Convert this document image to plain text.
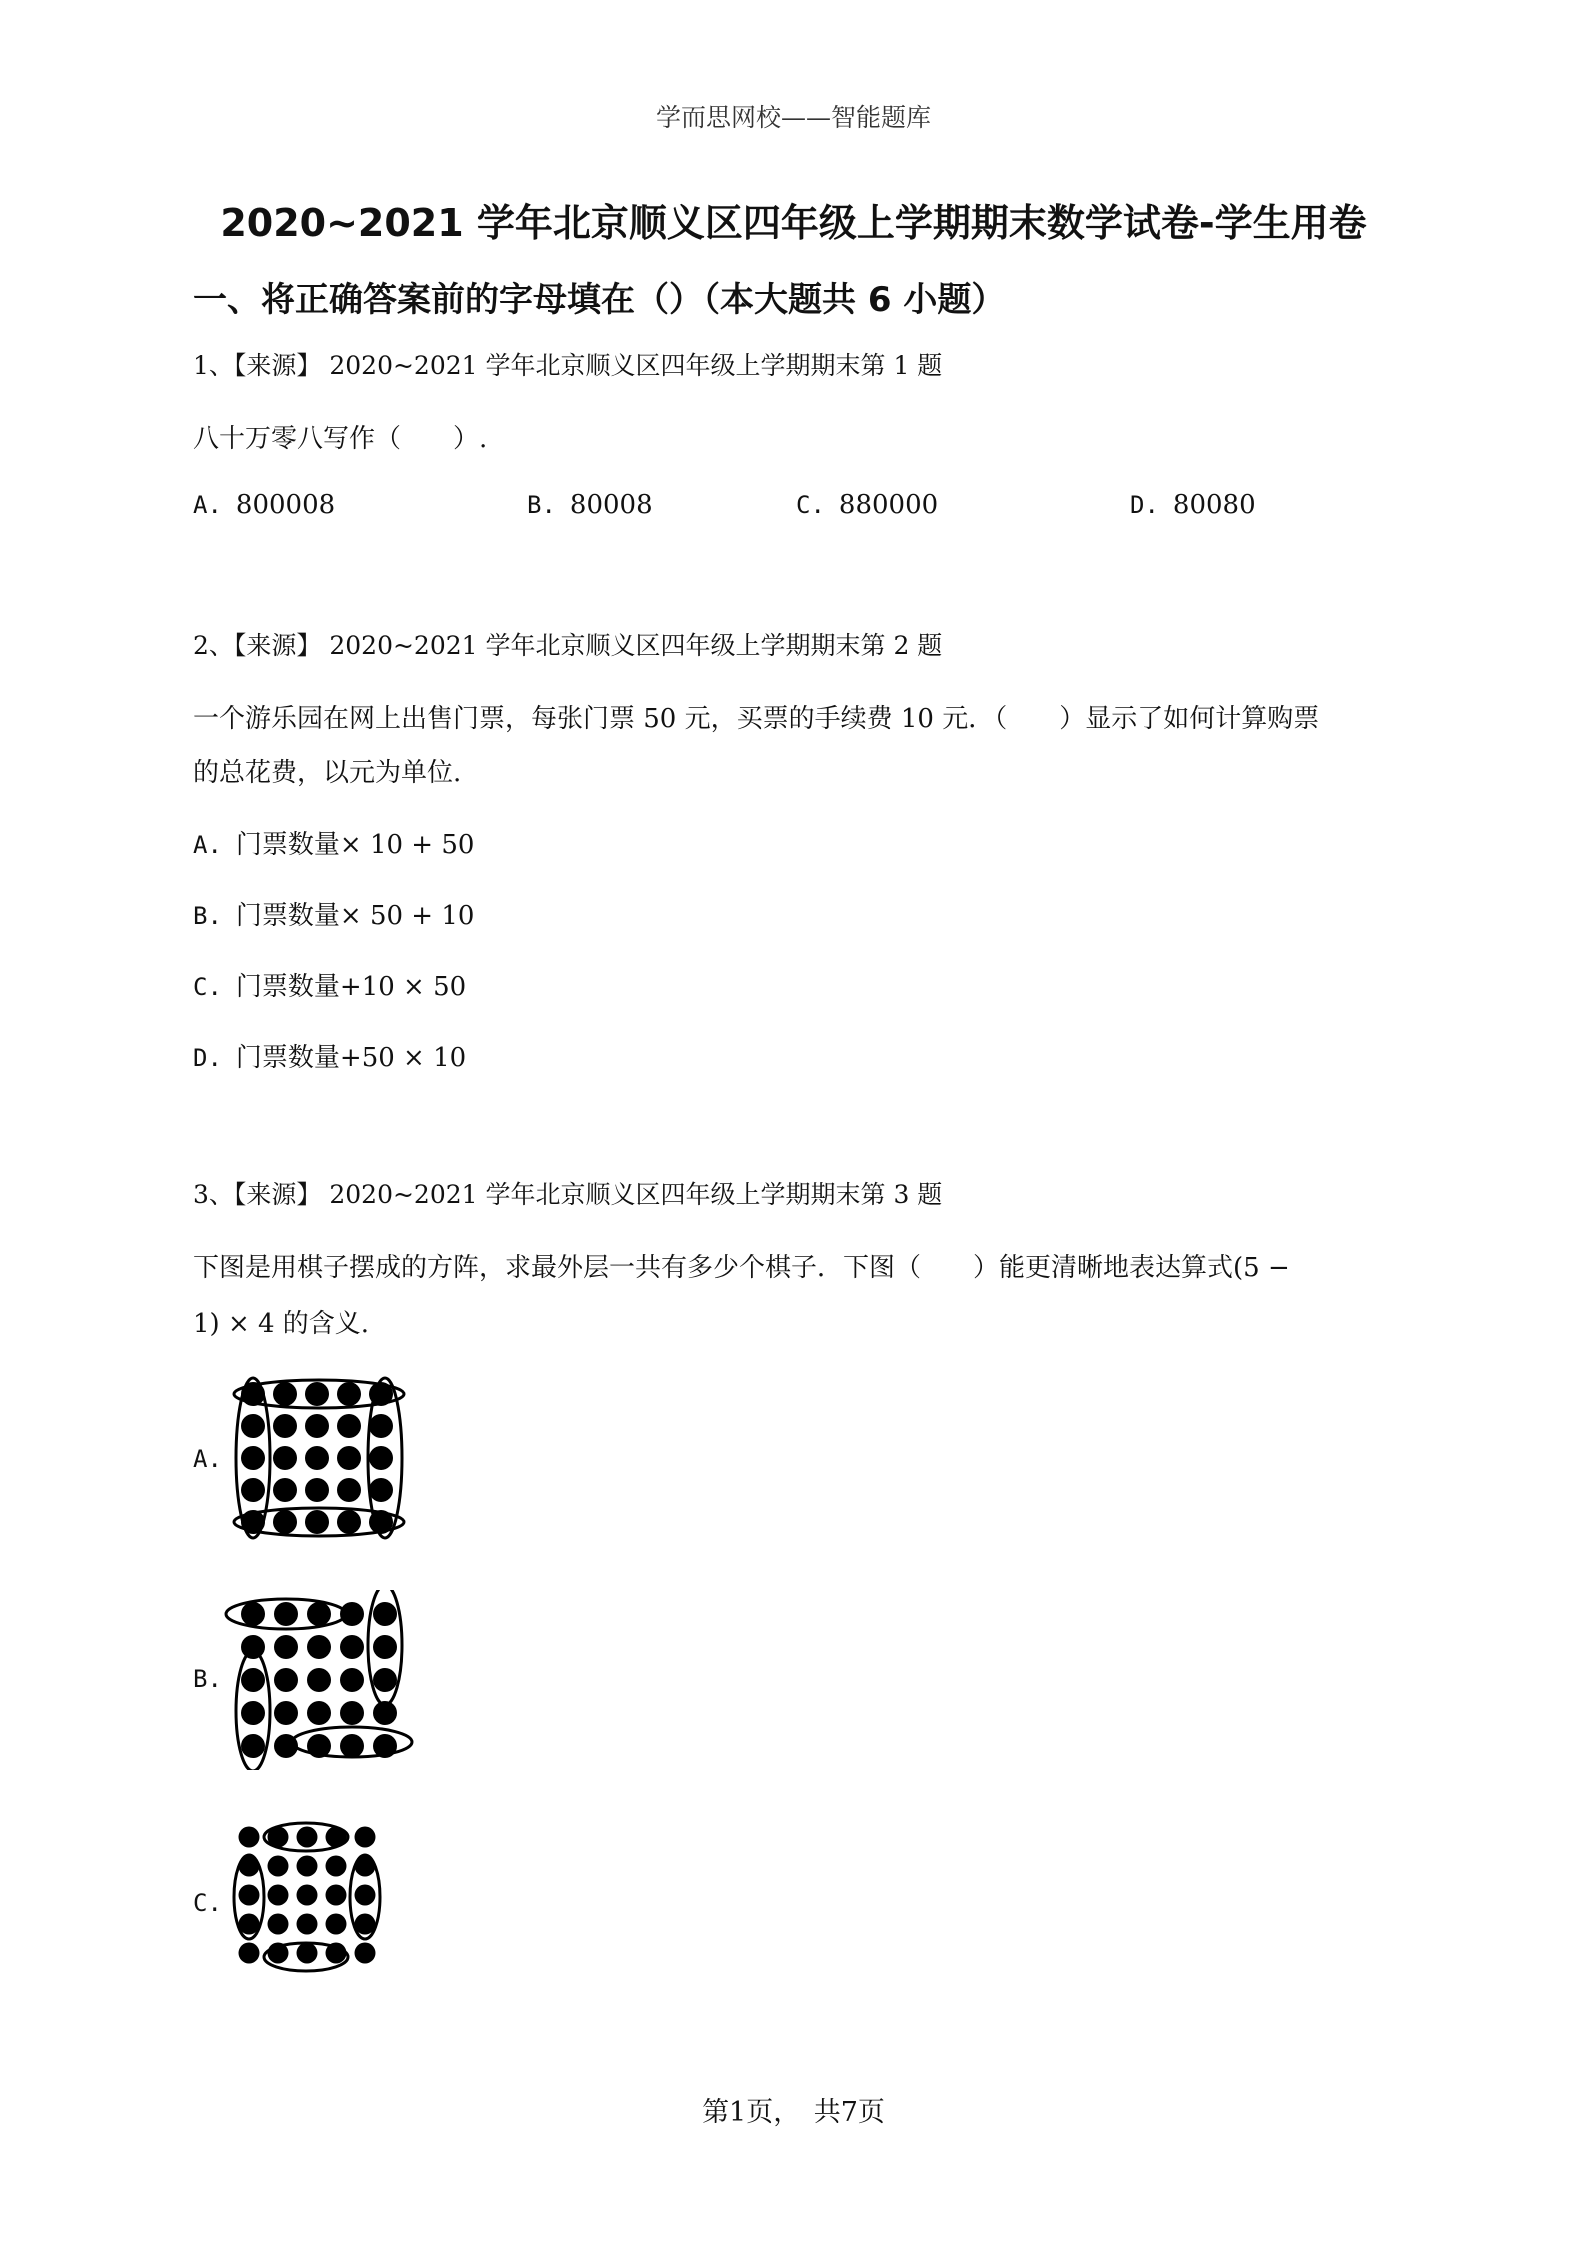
学而思网校——智能题库
2020~2021 学年北京顺义区四年级上学期期末数学试卷-学生用卷
一、将正确答案前的字母填在（）（本大题共 6 小题）
1、【来源】 2020~2021 学年北京顺义区四年级上学期期末第 1 题
八十万零八写作（　　）.
A. 800008	B. 80008	C. 880000	D. 80080
2、【来源】 2020~2021 学年北京顺义区四年级上学期期末第 2 题
一个游乐园在网上出售门票，每张门票 50 元，买票的手续费 10 元．（　　）显示了如何计算购票
的总花费，以元为单位.
A. 门票数量× 10 + 50
B. 门票数量× 50 + 10
C. 门票数量+10 × 50
D. 门票数量+50 × 10
3、【来源】 2020~2021 学年北京顺义区四年级上学期期末第 3 题
下图是用棋子摆成的方阵，求最外层一共有多少个棋子．下图（　　）能更清晰地表达算式(5 −
1) × 4 的含义.
A.
B.
C.
第1页，　共7页
